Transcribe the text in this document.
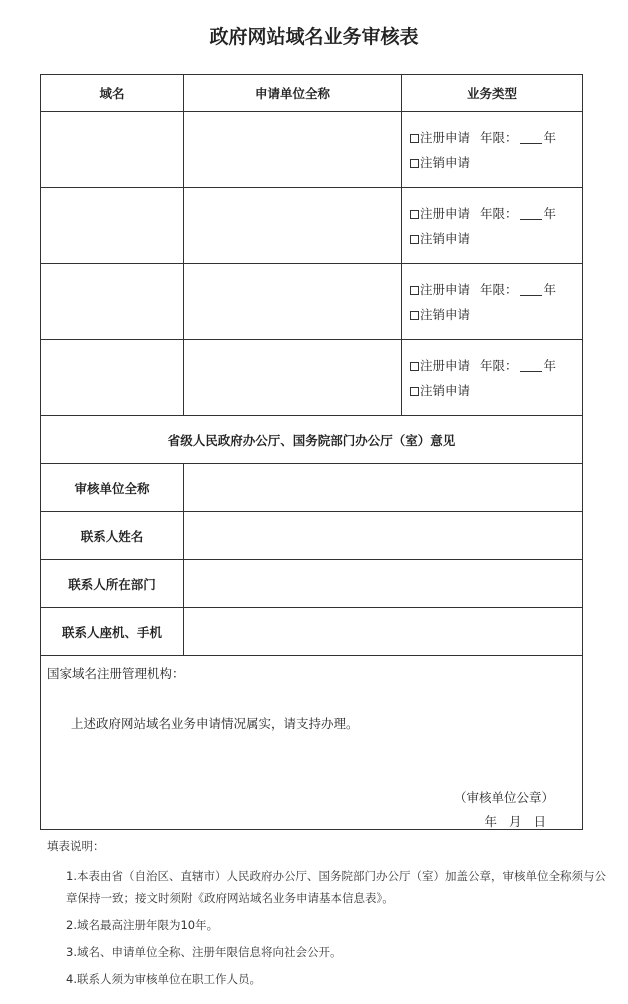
政府网站域名业务审核表
域名	申请单位全称	业务类型

		注册申请 年限： 年
注销申请

		注册申请 年限： 年
注销申请

		注册申请 年限： 年
注销申请

		注册申请 年限： 年
注销申请

省级人民政府办公厅、国务院部门办公厅（室）意见		
审核单位全称		
联系人姓名		
联系人所在部门		
联系人座机、手机		

国家域名注册管理机构：
上述政府网站域名业务申请情况属实，请支持办理。
（审核单位公章）
年 月 日		
填表说明：
1.本表由省（自治区、直辖市）人民政府办公厅、国务院部门办公厅（室）加盖公章，审核单位全称须与公章保持一致；接文时须附《政府网站域名业务申请基本信息表》。
2.域名最高注册年限为10年。
3.域名、申请单位全称、注册年限信息将向社会公开。
4.联系人须为审核单位在职工作人员。
